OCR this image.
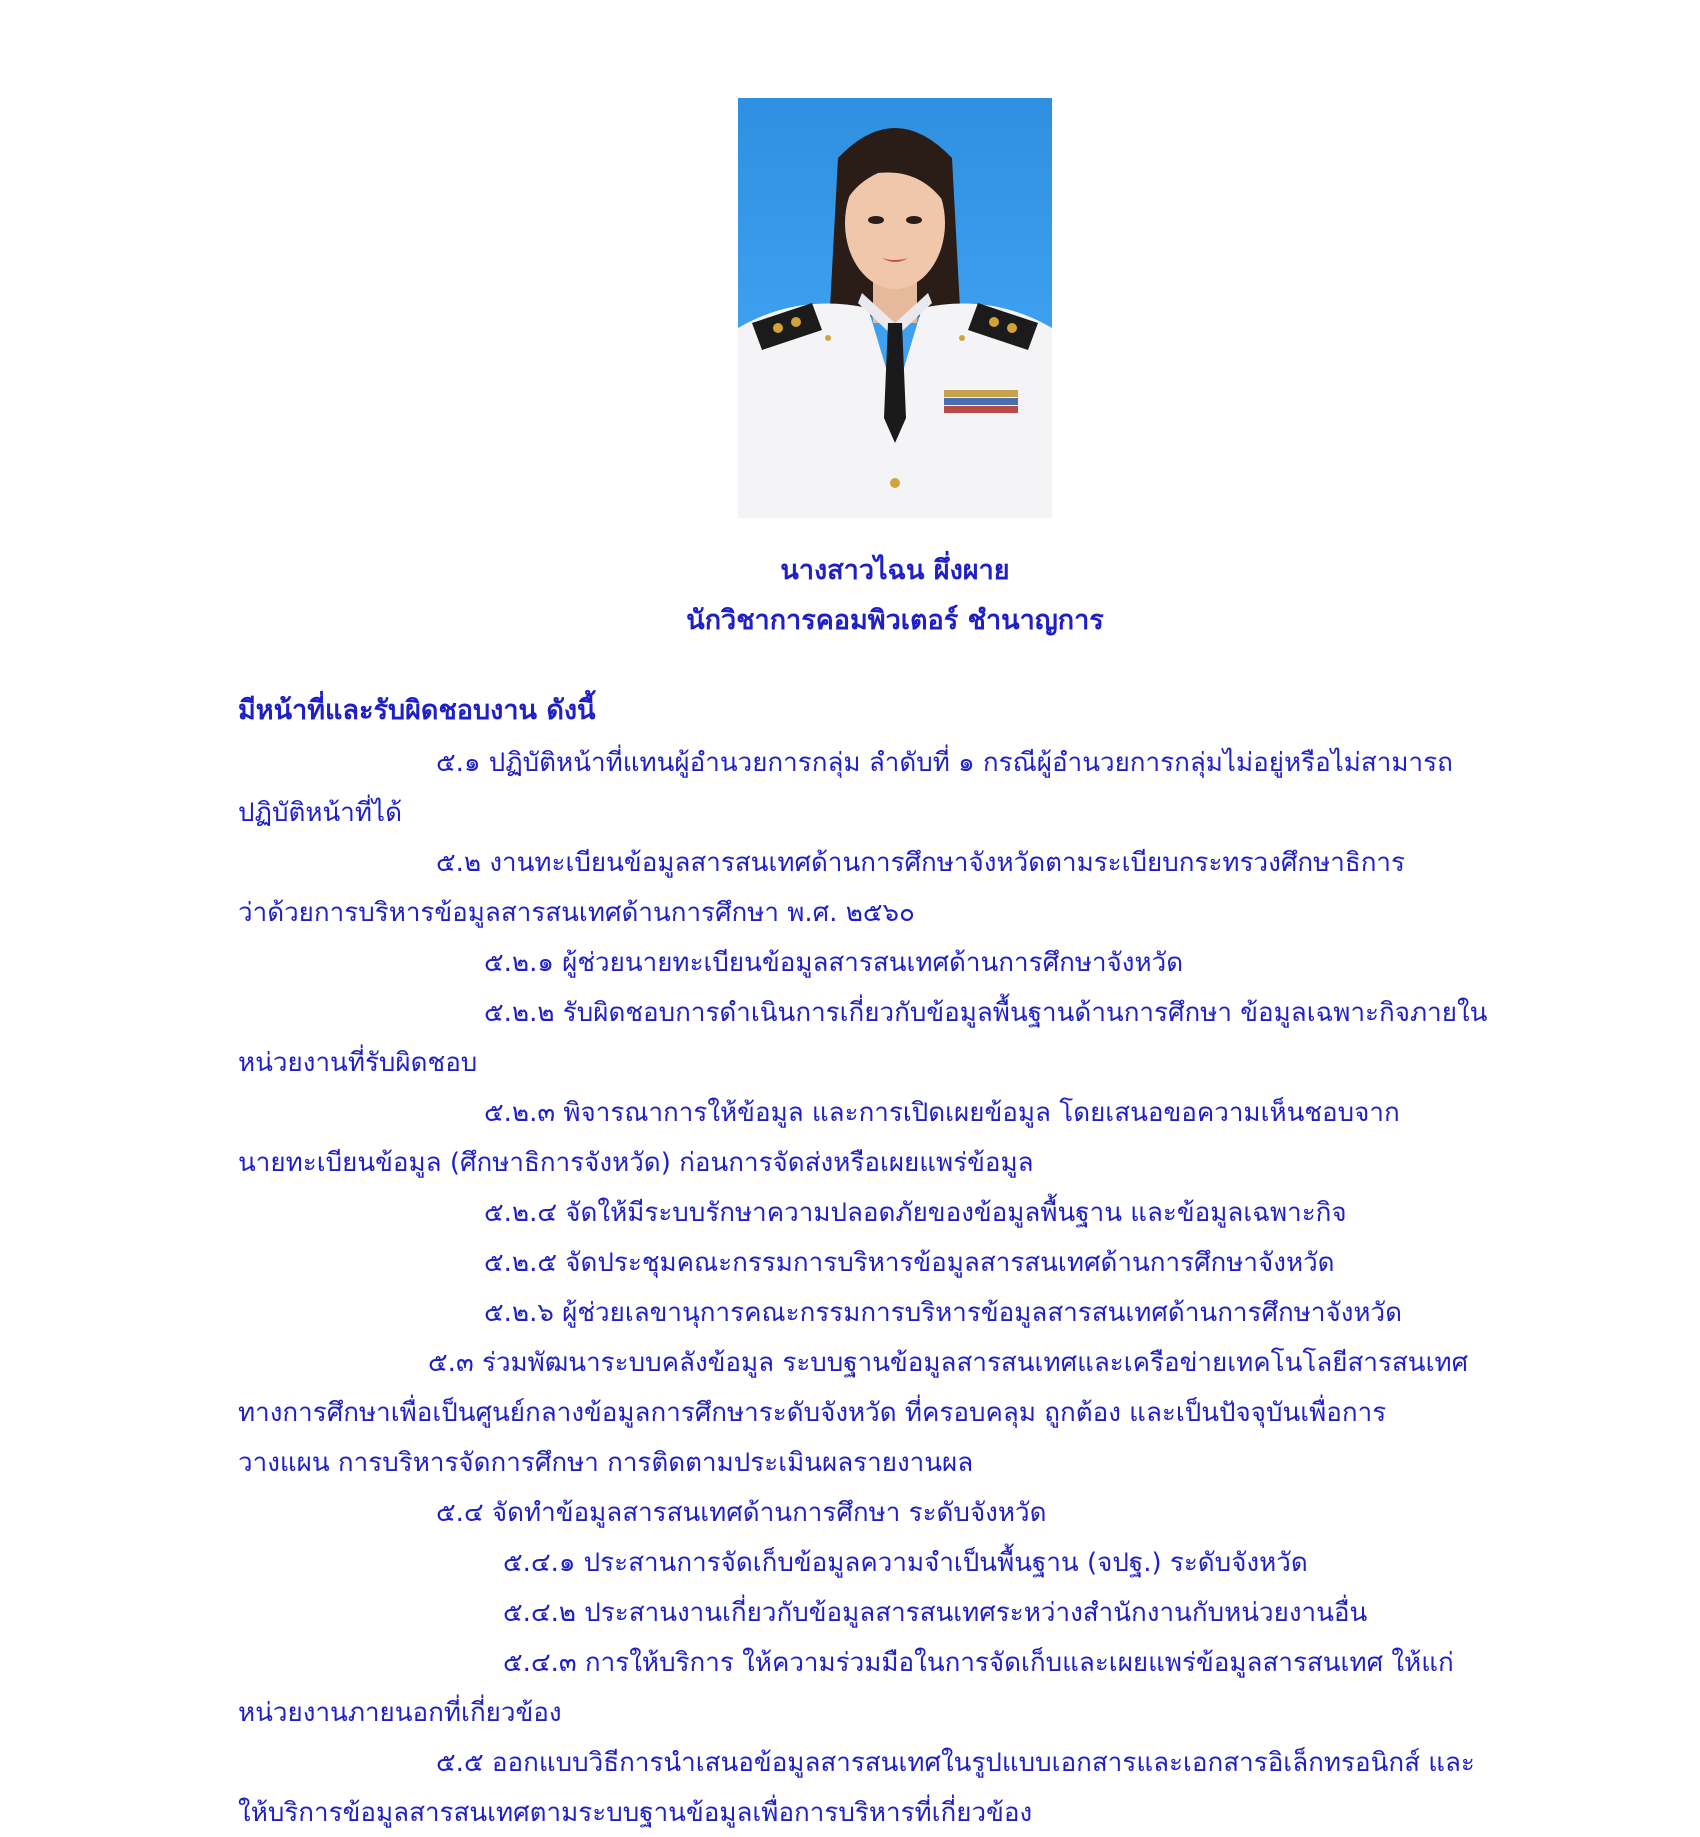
นางสาวไฉน ผึ่งผาย
นักวิชาการคอมพิวเตอร์ ชำนาญการ
มีหน้าที่และรับผิดชอบงาน ดังนี้
๕.๑ ปฏิบัติหน้าที่แทนผู้อำนวยการกลุ่ม ลำดับที่ ๑ กรณีผู้อำนวยการกลุ่มไม่อยู่หรือไม่สามารถ
ปฏิบัติหน้าที่ได้
๕.๒ งานทะเบียนข้อมูลสารสนเทศด้านการศึกษาจังหวัดตามระเบียบกระทรวงศึกษาธิการ
ว่าด้วยการบริหารข้อมูลสารสนเทศด้านการศึกษา พ.ศ. ๒๕๖๐
๕.๒.๑ ผู้ช่วยนายทะเบียนข้อมูลสารสนเทศด้านการศึกษาจังหวัด
๕.๒.๒ รับผิดชอบการดำเนินการเกี่ยวกับข้อมูลพื้นฐานด้านการศึกษา ข้อมูลเฉพาะกิจภายใน
หน่วยงานที่รับผิดชอบ
๕.๒.๓ พิจารณาการให้ข้อมูล และการเปิดเผยข้อมูล โดยเสนอขอความเห็นชอบจาก
นายทะเบียนข้อมูล (ศึกษาธิการจังหวัด) ก่อนการจัดส่งหรือเผยแพร่ข้อมูล
๕.๒.๔ จัดให้มีระบบรักษาความปลอดภัยของข้อมูลพื้นฐาน และข้อมูลเฉพาะกิจ
๕.๒.๕ จัดประชุมคณะกรรมการบริหารข้อมูลสารสนเทศด้านการศึกษาจังหวัด
๕.๒.๖ ผู้ช่วยเลขานุการคณะกรรมการบริหารข้อมูลสารสนเทศด้านการศึกษาจังหวัด
๕.๓ ร่วมพัฒนาระบบคลังข้อมูล ระบบฐานข้อมูลสารสนเทศและเครือข่ายเทคโนโลยีสารสนเทศ
ทางการศึกษาเพื่อเป็นศูนย์กลางข้อมูลการศึกษาระดับจังหวัด ที่ครอบคลุม ถูกต้อง และเป็นปัจจุบันเพื่อการ
วางแผน การบริหารจัดการศึกษา การติดตามประเมินผลรายงานผล
๕.๔ จัดทำข้อมูลสารสนเทศด้านการศึกษา ระดับจังหวัด
๕.๔.๑ ประสานการจัดเก็บข้อมูลความจำเป็นพื้นฐาน (จปฐ.) ระดับจังหวัด
๕.๔.๒ ประสานงานเกี่ยวกับข้อมูลสารสนเทศระหว่างสำนักงานกับหน่วยงานอื่น
๕.๔.๓ การให้บริการ ให้ความร่วมมือในการจัดเก็บและเผยแพร่ข้อมูลสารสนเทศ ให้แก่
หน่วยงานภายนอกที่เกี่ยวข้อง
๕.๕ ออกแบบวิธีการนำเสนอข้อมูลสารสนเทศในรูปแบบเอกสารและเอกสารอิเล็กทรอนิกส์ และ
ให้บริการข้อมูลสารสนเทศตามระบบฐานข้อมูลเพื่อการบริหารที่เกี่ยวข้อง
